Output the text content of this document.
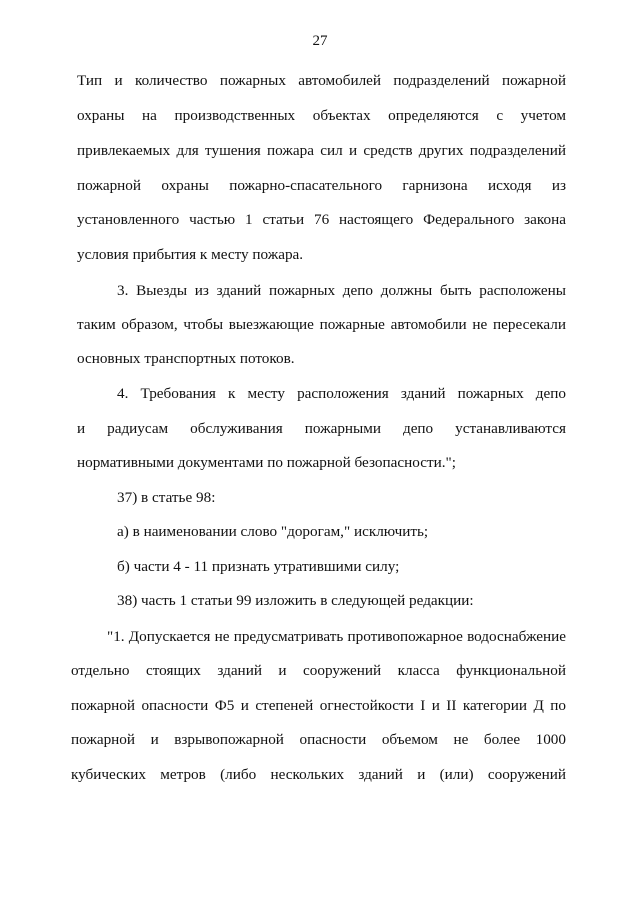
27
Тип и количество пожарных автомобилей подразделений пожарной
охраны на производственных объектах определяются с учетом
привлекаемых для тушения пожара сил и средств других подразделений
пожарной охраны пожарно-спасательного гарнизона исходя из
установленного частью 1 статьи 76 настоящего Федерального закона
условия прибытия к месту пожара.
3. Выезды из зданий пожарных депо должны быть расположены
таким образом, чтобы выезжающие пожарные автомобили не пересекали
основных транспортных потоков.
4. Требования к месту расположения зданий пожарных депо
и радиусам обслуживания пожарными депо устанавливаются
нормативными документами по пожарной безопасности.";
37) в статье 98:
а) в наименовании слово "дорогам," исключить;
б) части 4 - 11 признать утратившими силу;
38) часть 1 статьи 99 изложить в следующей редакции:
"1. Допускается не предусматривать противопожарное водоснабжение
отдельно стоящих зданий и сооружений класса функциональной
пожарной опасности Ф5 и степеней огнестойкости I и II категории Д по
пожарной и взрывопожарной опасности объемом не более 1000
кубических метров (либо нескольких зданий и (или) сооружений
